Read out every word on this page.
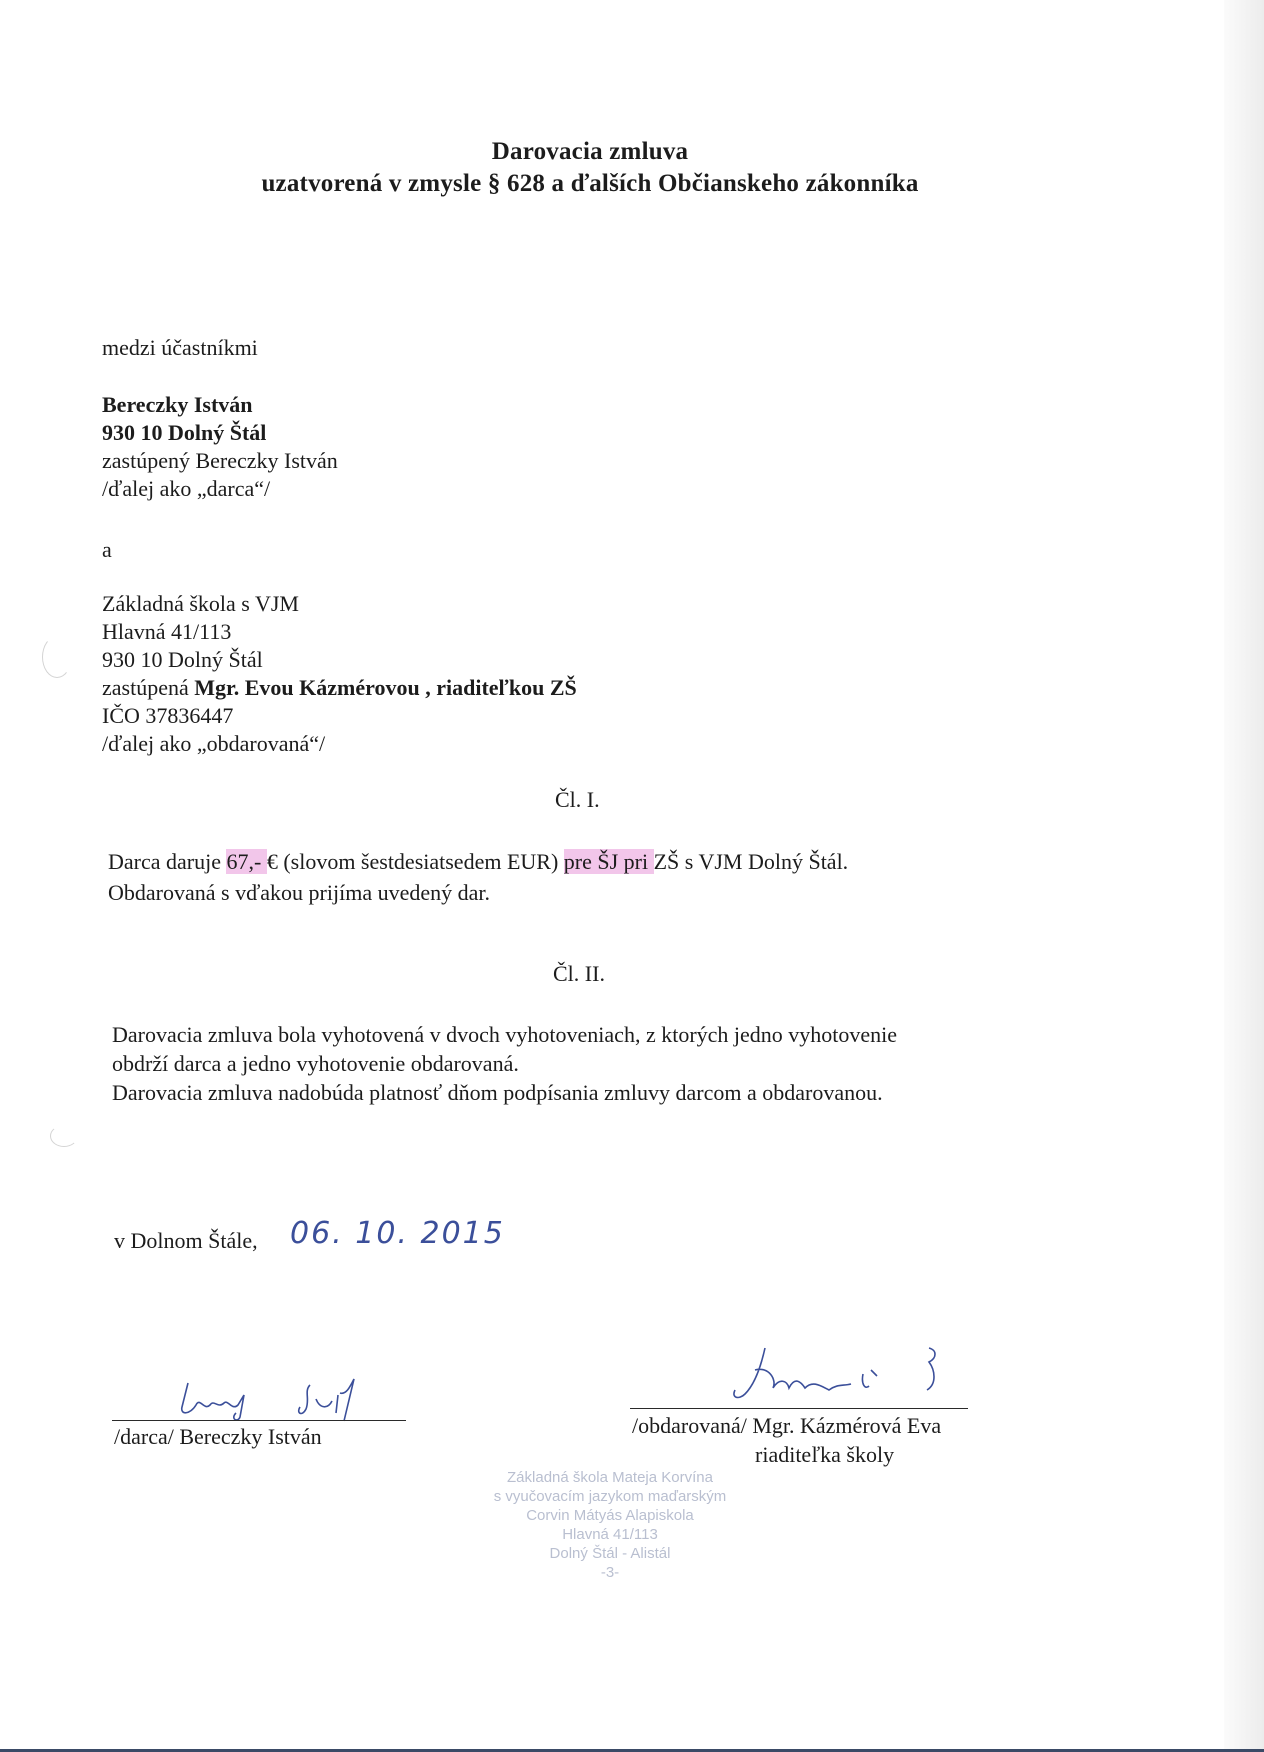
Darovacia zmluva
uzatvorená v zmysle § 628 a ďalších Občianskeho zákonníka
medzi účastníkmi
Bereczky István
930 10 Dolný Štál
zastúpený Bereczky István
/ďalej ako „darca“/
a
Základná škola s VJM
Hlavná 41/113
930 10 Dolný Štál
zastúpená Mgr. Evou Kázmérovou , riaditeľkou ZŠ
IČO 37836447
/ďalej ako „obdarovaná“/
Čl. I.
Darca daruje 67,- € (slovom šestdesiatsedem EUR) pre ŠJ pri ZŠ s VJM Dolný Štál.
Obdarovaná s vďakou prijíma uvedený dar.
Čl. II.
Darovacia zmluva bola vyhotovená v dvoch vyhotoveniach, z ktorých jedno vyhotovenie
obdrží darca a jedno vyhotovenie obdarovaná.
Darovacia zmluva nadobúda platnosť dňom podpísania zmluvy darcom a obdarovanou.
v Dolnom Štále, 06. 10. 2015
/darca/ Bereczky István	/obdarovaná/ Mgr. Kázmérová Eva
riaditeľka školy
Základná škola Mateja Korvína
s vyučovacím jazykom maďarským
Corvin Mátyás Alapiskola
Hlavná 41/113
Dolný Štál - Alistál
-3-
